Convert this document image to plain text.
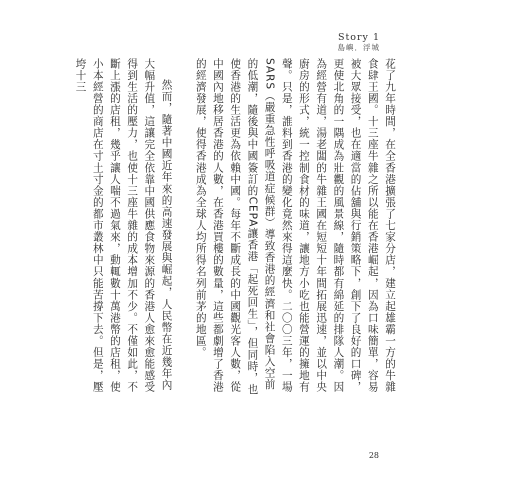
Story 1
島嶼．浮城

花了九年時間，在全香港擴張了七家分店，建立起雄霸一方的牛雜食肆王國。十三座牛雜之所以能在香港崛起，因為口味簡單，容易被大眾接受，也在適當的佔舖與行銷策略下，創下了良好的口碑，更使北角的一隅成為壯觀的風景線，隨時都有綿延的排隊人潮。因為經營有道，湯老闆的牛雜王國在短短十年間拓展迅速，並以中央廚房的形式，統一控制食材的味道，讓地方小吃也能營運的擁地有聲。只是，誰料到香港的變化竟然來得這麼快。二〇〇三年，一場SARS（嚴重急性呼吸道症候群）導致香港的經濟和社會陷入空前的低潮，隨後與中國簽訂的CEPA讓香港「起死回生」，但同時，也使香港的生活更為依賴中國。每年不斷成長的中國觀光客人數，從中國內地移居香港的人數，在香港買樓的數量，這些都劇增了香港的經濟發展，使得香港成為全球人均所得名列前茅的地區。

然而，隨著中國近年來的高速發展與崛起，人民幣在近幾年內大幅升值，這讓完全依靠中國供應食物來源的香港人愈來愈能感受得到生活的壓力，也使十三座牛雜的成本增加不少。不僅如此，不斷上漲的店租，幾乎讓人喘不過氣來，動輒數十萬港幣的店租，使小本經營的商店在寸土寸金的都市叢林中只能苦撐下去。但是，壓垮十三

28
